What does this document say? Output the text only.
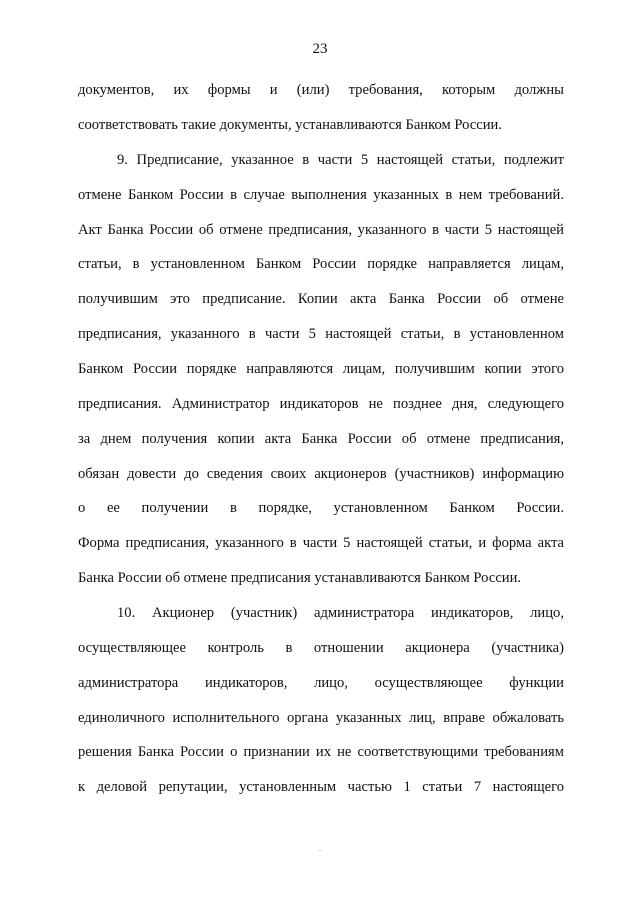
23
документов, их формы и (или) требования, которым должны
соответствовать такие документы, устанавливаются Банком России.
9. Предписание, указанное в части 5 настоящей статьи, подлежит
отмене Банком России в случае выполнения указанных в нем требований.
Акт Банка России об отмене предписания, указанного в части 5 настоящей
статьи, в установленном Банком России порядке направляется лицам,
получившим это предписание. Копии акта Банка России об отмене
предписания, указанного в части 5 настоящей статьи, в установленном
Банком России порядке направляются лицам, получившим копии этого
предписания. Администратор индикаторов не позднее дня, следующего
за днем получения копии акта Банка России об отмене предписания,
обязан довести до сведения своих акционеров (участников) информацию
о ее получении в порядке, установленном Банком России.
Форма предписания, указанного в части 5 настоящей статьи, и форма акта
Банка России об отмене предписания устанавливаются Банком России.
10. Акционер (участник) администратора индикаторов, лицо,
осуществляющее контроль в отношении акционера (участника)
администратора индикаторов, лицо, осуществляющее функции
единоличного исполнительного органа указанных лиц, вправе обжаловать
решения Банка России о признании их не соответствующими требованиям
к деловой репутации, установленным частью 1 статьи 7 настоящего
